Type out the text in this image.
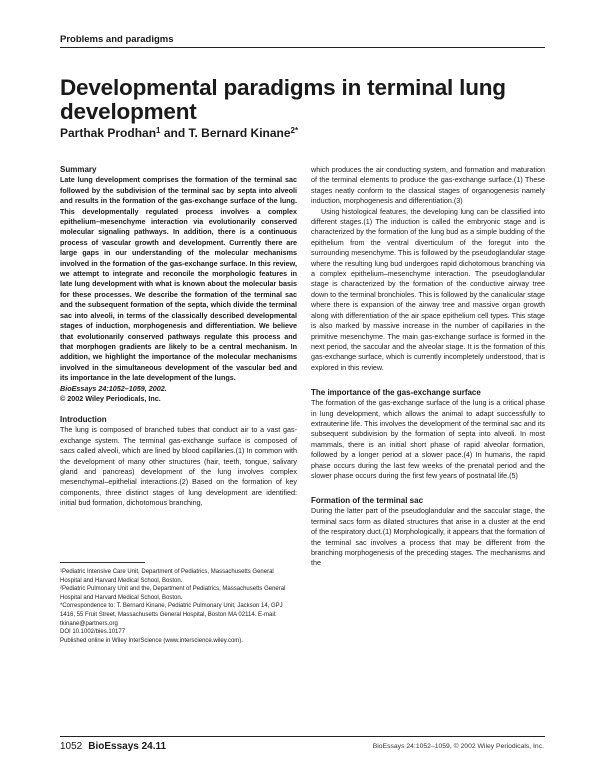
Problems and paradigms
Developmental paradigms in terminal lung development
Parthak Prodhan$^1$ and T. Bernard Kinane$^{2*}$
Summary

Late lung development comprises the formation of the terminal sac followed by the subdivision of the terminal sac by septa into alveoli and results in the formation of the gas-exchange surface of the lung. This developmentally regulated process involves a complex epithelium–mesenchyme interaction via evolutionarily conserved molecular signaling pathways. In addition, there is a continuous process of vascular growth and development. Currently there are large gaps in our understanding of the molecular mechanisms involved in the formation of the gas-exchange surface. In this review, we attempt to integrate and reconcile the morphologic features in late lung development with what is known about the molecular basis for these processes. We describe the formation of the terminal sac and the subsequent formation of the septa, which divide the terminal sac into alveoli, in terms of the classically described developmental stages of induction, morphogenesis and differentiation. We believe that evolutionarily conserved pathways regulate this process and that morphogen gradients are likely to be a central mechanism. In addition, we highlight the importance of the molecular mechanisms involved in the simultaneous development of the vascular bed and its importance in the late development of the lungs.

BioEssays 24:1052–1059, 2002.

© 2002 Wiley Periodicals, Inc.

Introduction

The lung is composed of branched tubes that conduct air to a vast gas-exchange system. The terminal gas-exchange surface is composed of sacs called alveoli, which are lined by blood capillaries.(1) In common with the development of many other structures (hair, teeth, tongue, salivary gland and pancreas) development of the lung involves complex mesenchymal–epithelial interactions.(2) Based on the formation of key components, three distinct stages of lung development are identified: initial bud formation, dichotomous branching,

¹Pediatric Intensive Care Unit, Department of Pediatrics, Massachusetts General Hospital and Harvard Medical School, Boston.

²Pediatric Pulmonary Unit and the, Department of Pediatrics, Massachusetts General Hospital and Harvard Medical School, Boston.

*Correspondence to: T. Bernard Kinane, Pediatric Pulmonary Unit, Jackson 14, GPJ 1416, 55 Fruit Street, Massachusetts General Hospital, Boston MA 02114. E-mail: tkinane@partners.org

DOI 10.1002/bies.10177

Published online in Wiley InterScience (www.interscience.wiley.com).

which produces the air conducting system, and formation and maturation of the terminal elements to produce the gas-exchange surface.(1) These stages neatly conform to the classical stages of organogenesis namely induction, morphogenesis and differentiation.(3)

Using histological features, the developing lung can be classified into different stages.(1) The induction is called the embryonic stage and is characterized by the formation of the lung bud as a simple budding of the epithelium from the ventral diverticulum of the foregut into the surrounding mesenchyme. This is followed by the pseudoglandular stage where the resulting lung bud undergoes rapid dichotomous branching via a complex epithelium–mesenchyme interaction. The pseudoglandular stage is characterized by the formation of the conductive airway tree down to the terminal bronchioles. This is followed by the canalicular stage where there is expansion of the airway tree and massive organ growth along with differentiation of the air space epithelium cell types. This stage is also marked by massive increase in the number of capillaries in the primitive mesenchyme. The main gas-exchange surface is formed in the next period, the saccular and the alveolar stage. It is the formation of this gas-exchange surface, which is currently incompletely understood, that is explored in this review.

The importance of the gas-exchange surface

The formation of the gas-exchange surface of the lung is a critical phase in lung development, which allows the animal to adapt successfully to extrauterine life. This involves the development of the terminal sac and its subsequent subdivision by the formation of septa into alveoli. In most mammals, there is an initial short phase of rapid alveolar formation, followed by a longer period at a slower pace.(4) In humans, the rapid phase occurs during the last few weeks of the prenatal period and the slower phase occurs during the first few years of postnatal life.(5)

Formation of the terminal sac

During the latter part of the pseudoglandular and the saccular stage, the terminal sacs form as dilated structures that arise in a cluster at the end of the respiratory duct.(1) Morphologically, it appears that the formation of the terminal sac involves a process that may be different from the branching morphogenesis of the preceding stages. The mechanisms and the

1052 BioEssays 24.11	BioEssays 24:1052–1059, © 2002 Wiley Periodicals, Inc.
